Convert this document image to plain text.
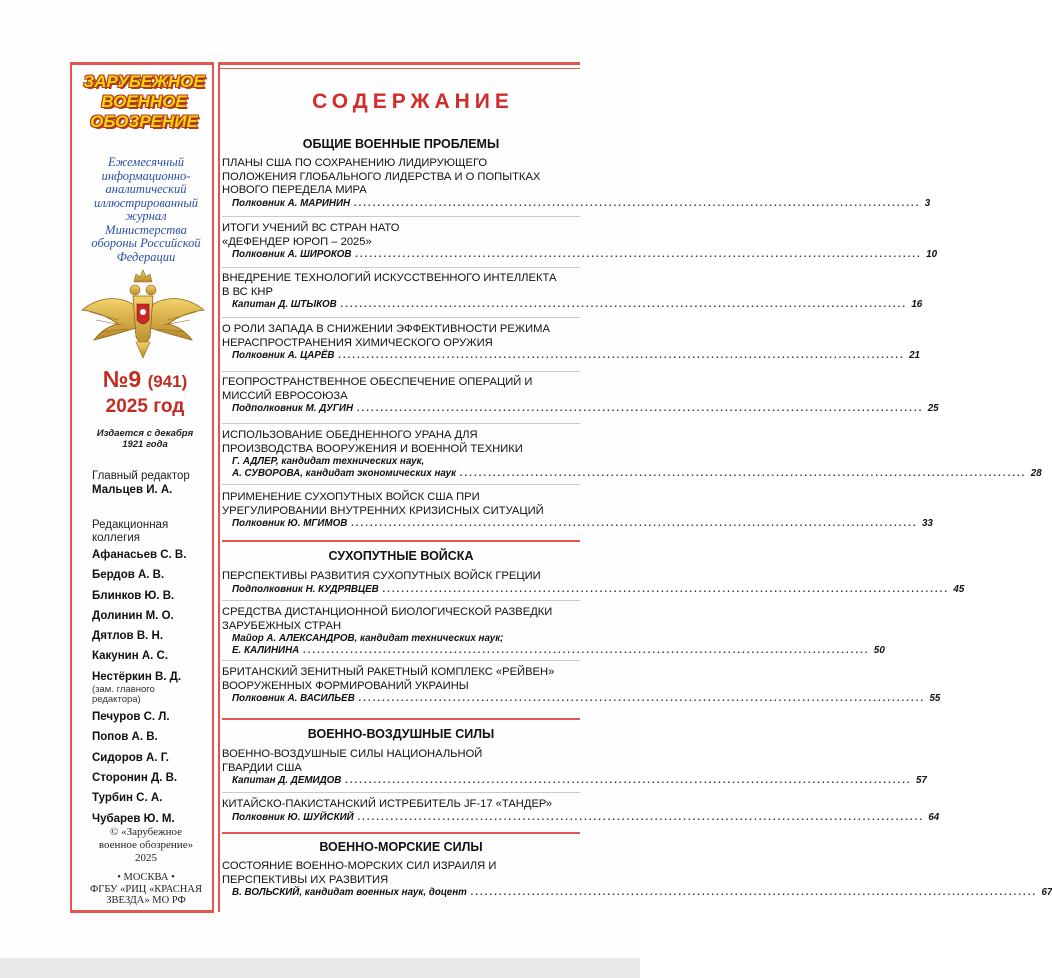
ЗАРУБЕЖНОЕ
ВОЕННОЕ
ОБОЗРЕНИЕ
Ежемесячный
информационно-
аналитический
иллюстрированный
журнал
Министерства
обороны Российской
Федерации
№9 (941)
2025 год
Издается с декабря
1921 года
Главный редактор
Мальцев И. А.
Редакционная
коллегия
Афанасьев С. В.
Бердов А. В.
Блинков Ю. В.
Долинин М. О.
Дятлов В. Н.
Какунин А. С.
Нестёркин В. Д.
(зам. главного
редактора)
Печуров С. Л.
Попов А. В.
Сидоров А. Г.
Сторонин Д. В.
Турбин С. А.
Чубарев Ю. М.
© «Зарубежное
военное обозрение»
2025
• МОСКВА •
ФГБУ «РИЦ «КРАСНАЯ
ЗВЕЗДА» МО РФ
СОДЕРЖАНИЕ
ОБЩИЕ ВОЕННЫЕ ПРОБЛЕМЫ
ПЛАНЫ США ПО СОХРАНЕНИЮ ЛИДИРУЮЩЕГО
ПОЛОЖЕНИЯ ГЛОБАЛЬНОГО ЛИДЕРСТВА И О ПОПЫТКАХ
НОВОГО ПЕРЕДЕЛА МИРА
Полковник А. МАРИНИН ........................................................................................................................ 3
ИТОГИ УЧЕНИЙ ВС СТРАН НАТО
«ДЕФЕНДЕР ЮРОП – 2025»
Полковник А. ШИРОКОВ ........................................................................................................................ 10
ВНЕДРЕНИЕ ТЕХНОЛОГИЙ ИСКУССТВЕННОГО ИНТЕЛЛЕКТА
В ВС КНР
Капитан Д. ШТЫКОВ ........................................................................................................................ 16
О РОЛИ ЗАПАДА В СНИЖЕНИИ ЭФФЕКТИВНОСТИ РЕЖИМА
НЕРАСПРОСТРАНЕНИЯ ХИМИЧЕСКОГО ОРУЖИЯ
Полковник А. ЦАРЁВ ........................................................................................................................ 21
ГЕОПРОСТРАНСТВЕННОЕ ОБЕСПЕЧЕНИЕ ОПЕРАЦИЙ И
МИССИЙ ЕВРОСОЮЗА
Подполковник М. ДУГИН ........................................................................................................................ 25
ИСПОЛЬЗОВАНИЕ ОБЕДНЕННОГО УРАНА ДЛЯ
ПРОИЗВОДСТВА ВООРУЖЕНИЯ И ВОЕННОЙ ТЕХНИКИ
Г. АДЛЕР, кандидат технических наук,
А. СУВОРОВА, кандидат экономических наук ........................................................................................................................ 28
ПРИМЕНЕНИЕ СУХОПУТНЫХ ВОЙСК США ПРИ
УРЕГУЛИРОВАНИИ ВНУТРЕННИХ КРИЗИСНЫХ СИТУАЦИЙ
Полковник Ю. МГИМОВ ........................................................................................................................ 33
СУХОПУТНЫЕ ВОЙСКА
ПЕРСПЕКТИВЫ РАЗВИТИЯ СУХОПУТНЫХ ВОЙСК ГРЕЦИИ
Подполковник Н. КУДРЯВЦЕВ ........................................................................................................................ 45
СРЕДСТВА ДИСТАНЦИОННОЙ БИОЛОГИЧЕСКОЙ РАЗВЕДКИ
ЗАРУБЕЖНЫХ СТРАН
Майор А. АЛЕКСАНДРОВ, кандидат технических наук;
Е. КАЛИНИНА ........................................................................................................................ 50
БРИТАНСКИЙ ЗЕНИТНЫЙ РАКЕТНЫЙ КОМПЛЕКС «РЕЙВЕН»
ВООРУЖЕННЫХ ФОРМИРОВАНИЙ УКРАИНЫ
Полковник А. ВАСИЛЬЕВ ........................................................................................................................ 55
ВОЕННО-ВОЗДУШНЫЕ СИЛЫ
ВОЕННО-ВОЗДУШНЫЕ СИЛЫ НАЦИОНАЛЬНОЙ
ГВАРДИИ США
Капитан Д. ДЕМИДОВ ........................................................................................................................ 57
КИТАЙСКО-ПАКИСТАНСКИЙ ИСТРЕБИТЕЛЬ JF-17 «ТАНДЕР»
Полковник Ю. ШУЙСКИЙ ........................................................................................................................ 64
ВОЕННО-МОРСКИЕ СИЛЫ
СОСТОЯНИЕ ВОЕННО-МОРСКИХ СИЛ ИЗРАИЛЯ И
ПЕРСПЕКТИВЫ ИХ РАЗВИТИЯ
В. ВОЛЬСКИЙ, кандидат военных наук, доцент ........................................................................................................................ 67
